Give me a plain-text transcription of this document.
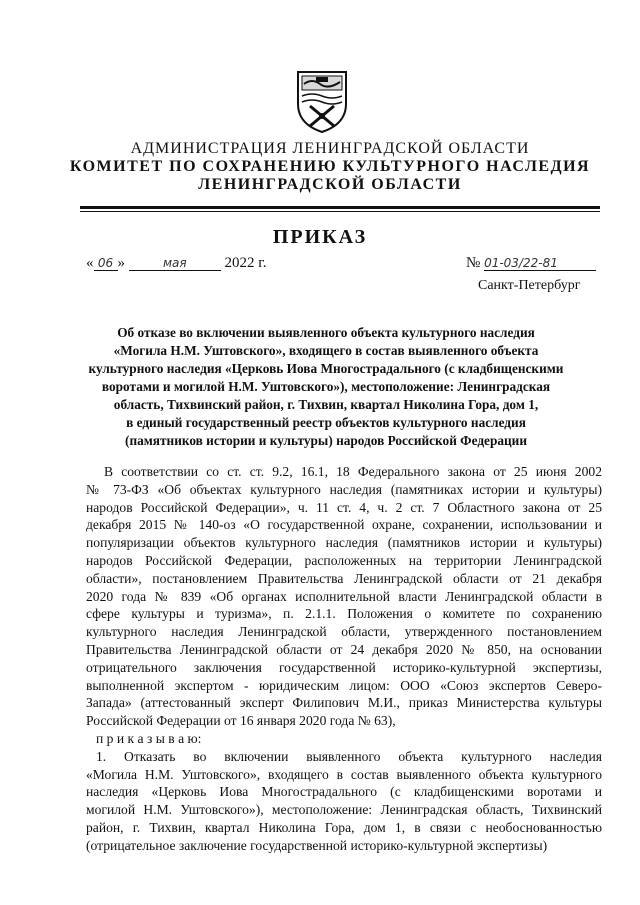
АДМИНИСТРАЦИЯ ЛЕНИНГРАДСКОЙ ОБЛАСТИ
КОМИТЕТ ПО СОХРАНЕНИЮ КУЛЬТУРНОГО НАСЛЕДИЯ
ЛЕНИНГРАДСКОЙ ОБЛАСТИ
ПРИКАЗ
« 06 »	мая	2022 г.	№ 01-03/22-81
Санкт-Петербург
Об отказе во включении выявленного объекта культурного наследия
«Могила Н.М. Уштовского», входящего в состав выявленного объекта
культурного наследия «Церковь Иова Многострадального (с кладбищенскими
воротами и могилой Н.М. Уштовского»), местоположение: Ленинградская
область, Тихвинский район, г. Тихвин, квартал Николина Гора, дом 1,
в единый государственный реестр объектов культурного наследия
(памятников истории и культуры) народов Российской Федерации
В соответствии со ст. ст. 9.2, 16.1, 18 Федерального закона от 25 июня 2002
№ 73-ФЗ «Об объектах культурного наследия (памятниках истории и культуры)
народов Российской Федерации», ч. 11 ст. 4, ч. 2 ст. 7 Областного закона от 25
декабря 2015 № 140-оз «О государственной охране, сохранении, использовании и
популяризации объектов культурного наследия (памятников истории и культуры)
народов Российской Федерации, расположенных на территории Ленинградской
области», постановлением Правительства Ленинградской области от 21 декабря
2020 года № 839 «Об органах исполнительной власти Ленинградской области в
сфере культуры и туризма», п. 2.1.1. Положения о комитете по сохранению
культурного наследия Ленинградской области, утвержденного постановлением
Правительства Ленинградской области от 24 декабря 2020 № 850, на основании
отрицательного заключения государственной историко-культурной экспертизы,
выполненной экспертом - юридическим лицом: ООО «Союз экспертов Северо-
Запада» (аттестованный эксперт Филипович М.И., приказ Министерства культуры
Российской Федерации от 16 января 2020 года № 63),
п р и к а з ы в а ю:
1. Отказать во включении выявленного объекта культурного наследия
«Могила Н.М. Уштовского», входящего в состав выявленного объекта культурного
наследия «Церковь Иова Многострадального (с кладбищенскими воротами и
могилой Н.М. Уштовского»), местоположение: Ленинградская область, Тихвинский
район, г. Тихвин, квартал Николина Гора, дом 1, в связи с необоснованностью
(отрицательное заключение государственной историко-культурной экспертизы)
